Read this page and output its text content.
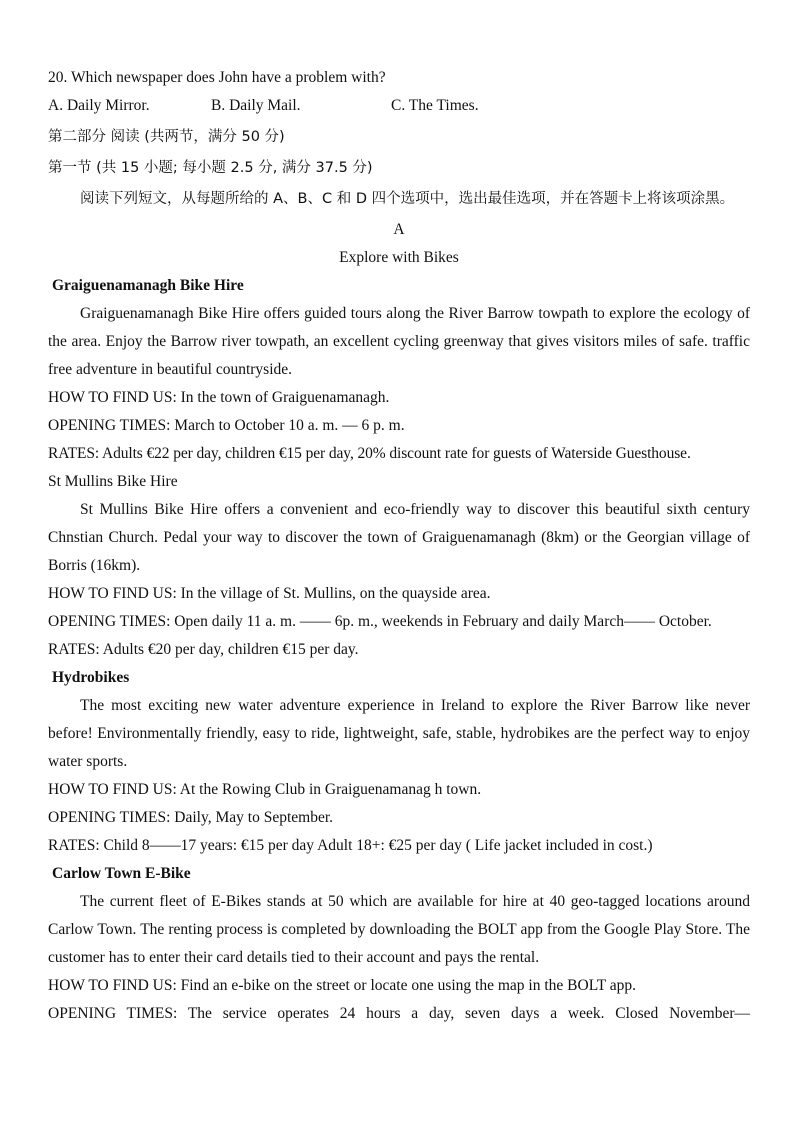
20. Which newspaper does John have a problem with?
A. Daily Mirror.	B. Daily Mail.	C. The Times.
第二部分 阅读 (共两节，满分 50 分)
第一节 (共 15 小题; 每小题 2.5 分, 满分 37.5 分)
阅读下列短文，从每题所给的 A、B、C 和 D 四个选项中，选出最佳选项，并在答题卡上将该项涂黑。
A
Explore with Bikes
Graiguenamanagh Bike Hire
Graiguenamanagh Bike Hire offers guided tours along the River Barrow towpath to explore the ecology of the area. Enjoy the Barrow river towpath, an excellent cycling greenway that gives visitors miles of safe. traffic free adventure in beautiful countryside.
HOW TO FIND US: In the town of Graiguenamanagh.
OPENING TIMES: March to October 10 a. m. — 6 p. m.
RATES: Adults €22 per day, children €15 per day, 20% discount rate for guests of Waterside Guesthouse.
St Mullins Bike Hire
St Mullins Bike Hire offers a convenient and eco-friendly way to discover this beautiful sixth century Chnstian Church. Pedal your way to discover the town of Graiguenamanagh (8km) or the Georgian village of Borris (16km).
HOW TO FIND US: In the village of St. Mullins, on the quayside area.
OPENING TIMES: Open daily 11 a. m. —— 6p. m., weekends in February and daily March—— October.
RATES: Adults €20 per day, children €15 per day.
Hydrobikes
The most exciting new water adventure experience in Ireland to explore the River Barrow like never before! Environmentally friendly, easy to ride, lightweight, safe, stable, hydrobikes are the perfect way to enjoy water sports.
HOW TO FIND US: At the Rowing Club in Graiguenamanag h town.
OPENING TIMES: Daily, May to September.
RATES: Child 8——17 years: €15 per day Adult 18+: €25 per day ( Life jacket included in cost.)
Carlow Town E-Bike
The current fleet of E-Bikes stands at 50 which are available for hire at 40 geo-tagged locations around Carlow Town. The renting process is completed by downloading the BOLT app from the Google Play Store. The customer has to enter their card details tied to their account and pays the rental.
HOW TO FIND US: Find an e-bike on the street or locate one using the map in the BOLT app.
OPENING TIMES: The service operates 24 hours a day, seven days a week. Closed November—
